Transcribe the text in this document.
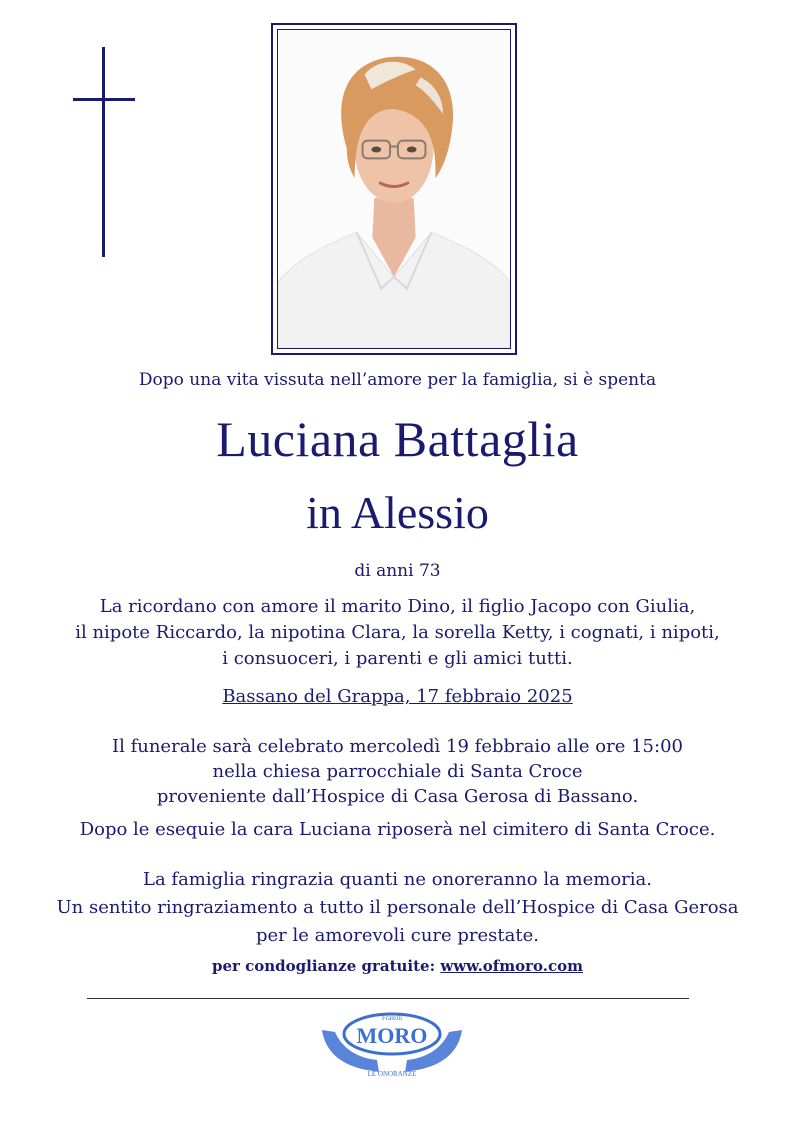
Dopo una vita vissuta nell’amore per la famiglia, si è spenta
Luciana Battaglia
in Alessio
di anni 73
La ricordano con amore il marito Dino, il figlio Jacopo con Giulia,
il nipote Riccardo, la nipotina Clara, la sorella Ketty, i cognati, i nipoti,
i consuoceri, i parenti e gli amici tutti.
Bassano del Grappa, 17 febbraio 2025
Il funerale sarà celebrato mercoledì 19 febbraio alle ore 15:00
nella chiesa parrocchiale di Santa Croce
proveniente dall’Hospice di Casa Gerosa di Bassano.
Dopo le esequie la cara Luciana riposerà nel cimitero di Santa Croce.
La famiglia ringrazia quanti ne onoreranno la memoria.
Un sentito ringraziamento a tutto il personale dell’Hospice di Casa Gerosa
per le amorevoli cure prestate.
per condoglianze gratuite: www.ofmoro.com
Fratelli
MORO
LE ONORANZE
